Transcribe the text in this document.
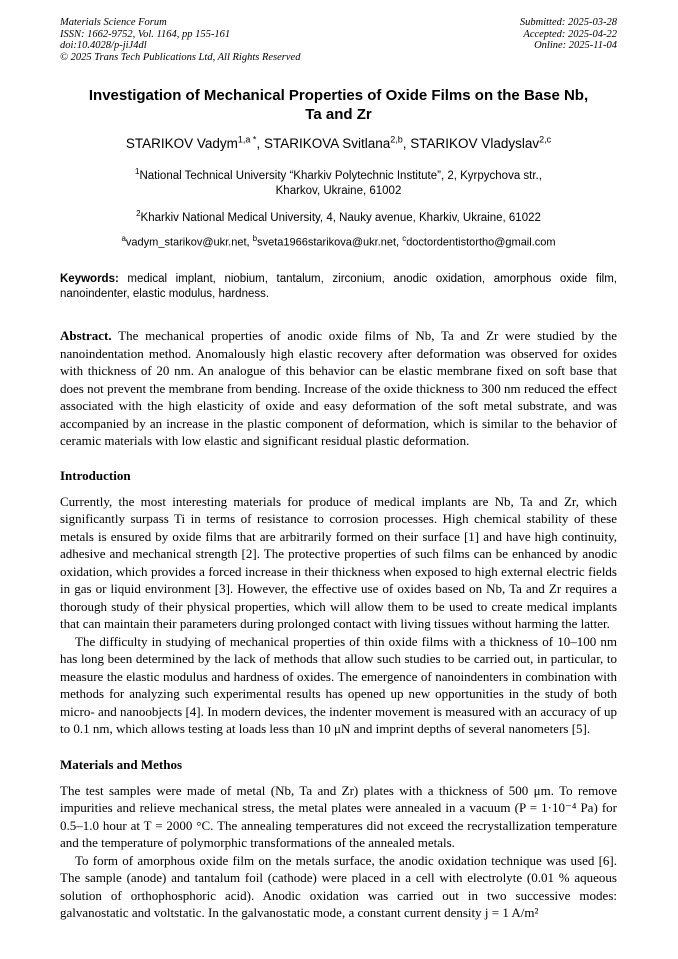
Materials Science Forum

ISSN: 1662-9752, Vol. 1164, pp 155-161

doi:10.4028/p-jiJ4dl

© 2025 Trans Tech Publications Ltd, All Rights Reserved

Submitted: 2025-03-28

Accepted: 2025-04-22

Online: 2025-11-04

Investigation of Mechanical Properties of Oxide Films on the Base Nb,
Ta and Zr
STARIKOV Vadym$^{1,a *}$, STARIKOVA Svitlana$^{2,b}$, STARIKOV Vladyslav$^{2,c}$
$^1$National Technical University “Kharkiv Polytechnic Institute”, 2, Kyrpychova str.,
Kharkov, Ukraine, 61002
$^2$Kharkiv National Medical University, 4, Nauky avenue, Kharkiv, Ukraine, 61022
$^a$vadym_starikov@ukr.net, $^b$sveta1966starikova@ukr.net, $^c$doctordentistortho@gmail.com

Keywords: medical implant, niobium, tantalum, zirconium, anodic oxidation, amorphous oxide film, nanoindenter, elastic modulus, hardness.

Abstract. The mechanical properties of anodic oxide films of Nb, Ta and Zr were studied by the nanoindentation method. Anomalously high elastic recovery after deformation was observed for oxides with thickness of 20 nm. An analogue of this behavior can be elastic membrane fixed on soft base that does not prevent the membrane from bending. Increase of the oxide thickness to 300 nm reduced the effect associated with the high elasticity of oxide and easy deformation of the soft metal substrate, and was accompanied by an increase in the plastic component of deformation, which is similar to the behavior of ceramic materials with low elastic and significant residual plastic deformation.

Introduction

Currently, the most interesting materials for produce of medical implants are Nb, Ta and Zr, which significantly surpass Ti in terms of resistance to corrosion processes. High chemical stability of these metals is ensured by oxide films that are arbitrarily formed on their surface [1] and have high continuity, adhesive and mechanical strength [2]. The protective properties of such films can be enhanced by anodic oxidation, which provides a forced increase in their thickness when exposed to high external electric fields in gas or liquid environment [3]. However, the effective use of oxides based on Nb, Ta and Zr requires a thorough study of their physical properties, which will allow them to be used to create medical implants that can maintain their parameters during prolonged contact with living tissues without harming the latter.

The difficulty in studying of mechanical properties of thin oxide films with a thickness of 10–100 nm has long been determined by the lack of methods that allow such studies to be carried out, in particular, to measure the elastic modulus and hardness of oxides. The emergence of nanoindenters in combination with methods for analyzing such experimental results has opened up new opportunities in the study of both micro- and nanoobjects [4]. In modern devices, the indenter movement is measured with an accuracy of up to 0.1 nm, which allows testing at loads less than 10 μN and imprint depths of several nanometers [5].

Materials and Methos

The test samples were made of metal (Nb, Ta and Zr) plates with a thickness of 500 μm. To remove impurities and relieve mechanical stress, the metal plates were annealed in a vacuum (P = 1·10⁻⁴ Pa) for 0.5–1.0 hour at T = 2000 °C. The annealing temperatures did not exceed the recrystallization temperature and the temperature of polymorphic transformations of the annealed metals.

To form of amorphous oxide film on the metals surface, the anodic oxidation technique was used [6]. The sample (anode) and tantalum foil (cathode) were placed in a cell with electrolyte (0.01 % aqueous solution of orthophosphoric acid). Anodic oxidation was carried out in two successive modes: galvanostatic and voltstatic. In the galvanostatic mode, a constant current density j = 1 A/m²
